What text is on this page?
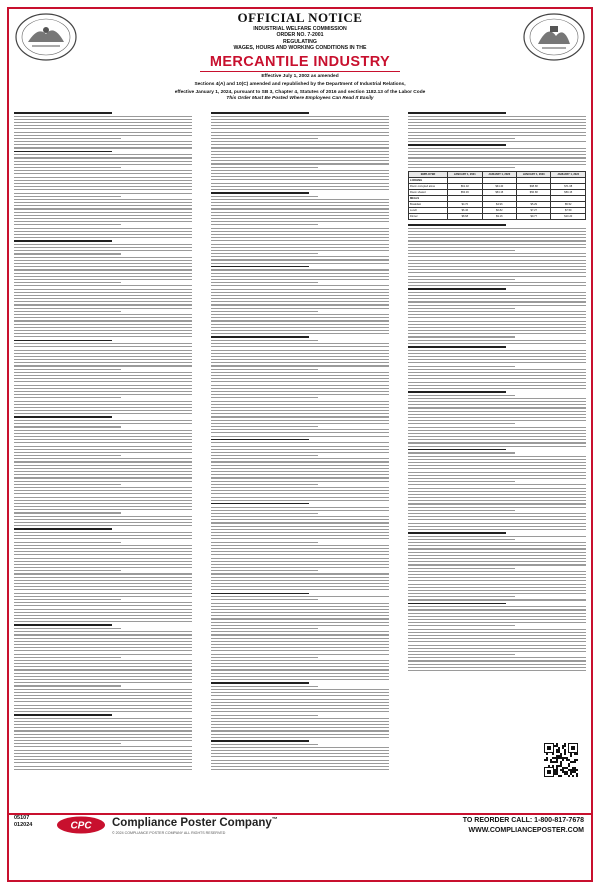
OFFICIAL NOTICE
INDUSTRIAL WELFARE COMMISSION
ORDER NO. 7-2001
REGULATING
WAGES, HOURS AND WORKING CONDITIONS IN THE
MERCANTILE INDUSTRY
Effective July 1, 2002 as amended
Sections 4(A) and 10(C) amended and republished by the Department of Industrial Relations,
effective January 1, 2024, pursuant to SB 3, Chapter 4, Statutes of 2016 and section 1182.13 of the Labor Code
This Order Must Be Posted Where Employees Can Read It Easily
EMPLOYER	JANUARY 1, 2021	JANUARY 1, 2022	JANUARY 1, 2023	JANUARY 1, 2024
LODGING				
Room occupied alone	$61.02	$64.40	$68.68	$71.68
Room shared	$50.36	$53.15	$56.68	$59.15
MEALS				
Breakfast	$4.70	$4.96	$5.29	$5.52
Lunch	$6.46	$6.82	$7.27	$7.59
Dinner	$8.68	$9.16	$9.77	$10.20
05107
012024	CPC Compliance Poster Company™
© 2024 COMPLIANCE POSTER COMPANY ALL RIGHTS RESERVED
TO REORDER CALL: 1-800-817-7678
WWW.COMPLIANCEPOSTER.COM
